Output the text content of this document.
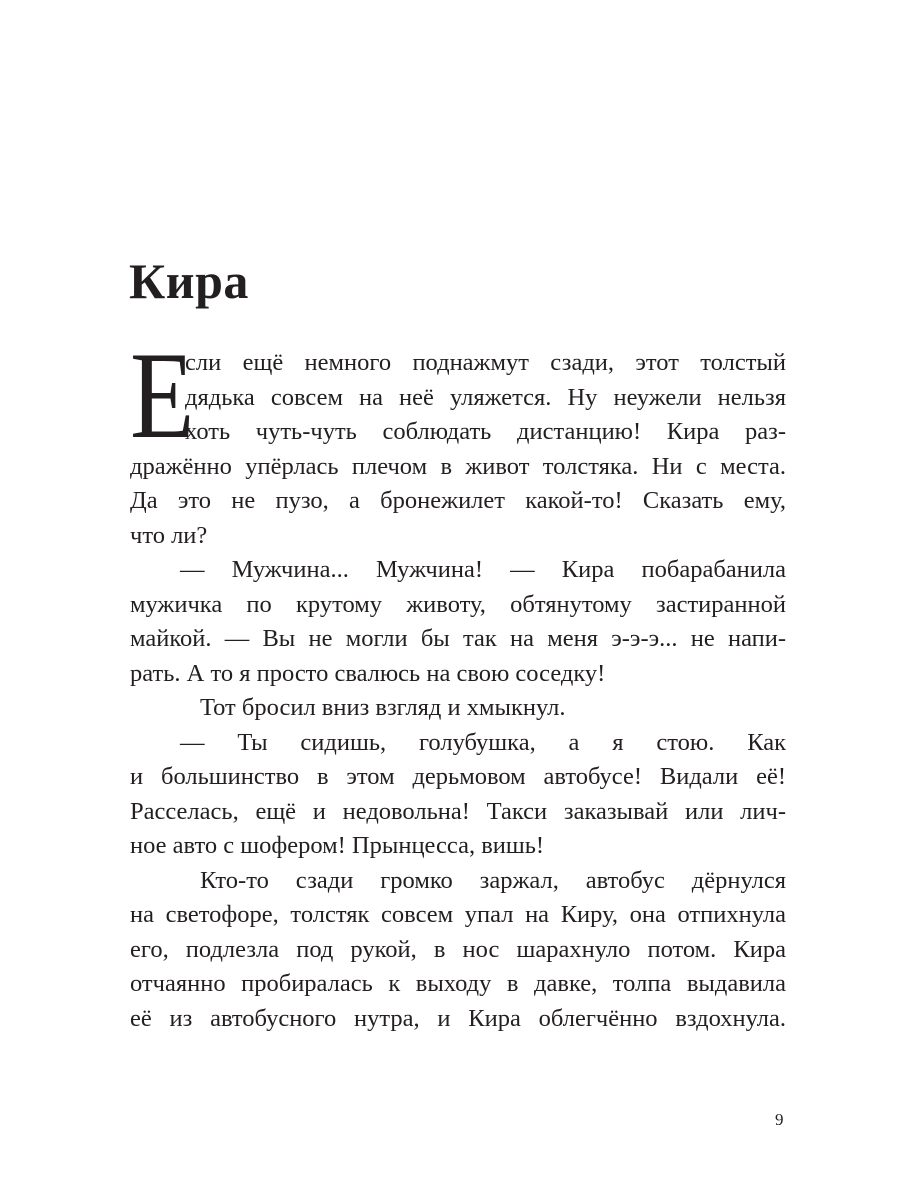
Кира
Е
сли ещё немного поднажмут сзади, этот толстый
дядька совсем на неё уляжется. Ну неужели нельзя
хоть чуть-чуть соблюдать дистанцию! Кира раз-
дражённо упёрлась плечом в живот толстяка. Ни с места.
Да это не пузо, а бронежилет какой-то! Сказать ему,
что ли?
— Мужчина... Мужчина! — Кира побарабанила
мужичка по крутому животу, обтянутому застиранной
майкой. — Вы не могли бы так на меня э-э-э... не напи-
рать. А то я просто свалюсь на свою соседку!
Тот бросил вниз взгляд и хмыкнул.
— Ты сидишь, голубушка, а я стою. Как
и большинство в этом дерьмовом автобусе! Видали её!
Расселась, ещё и недовольна! Такси заказывай или лич-
ное авто с шофером! Прынцесса, вишь!
Кто-то сзади громко заржал, автобус дёрнулся
на светофоре, толстяк совсем упал на Киру, она отпихнула
его, подлезла под рукой, в нос шарахнуло потом. Кира
отчаянно пробиралась к выходу в давке, толпа выдавила
её из автобусного нутра, и Кира облегчённо вздохнула.
9
